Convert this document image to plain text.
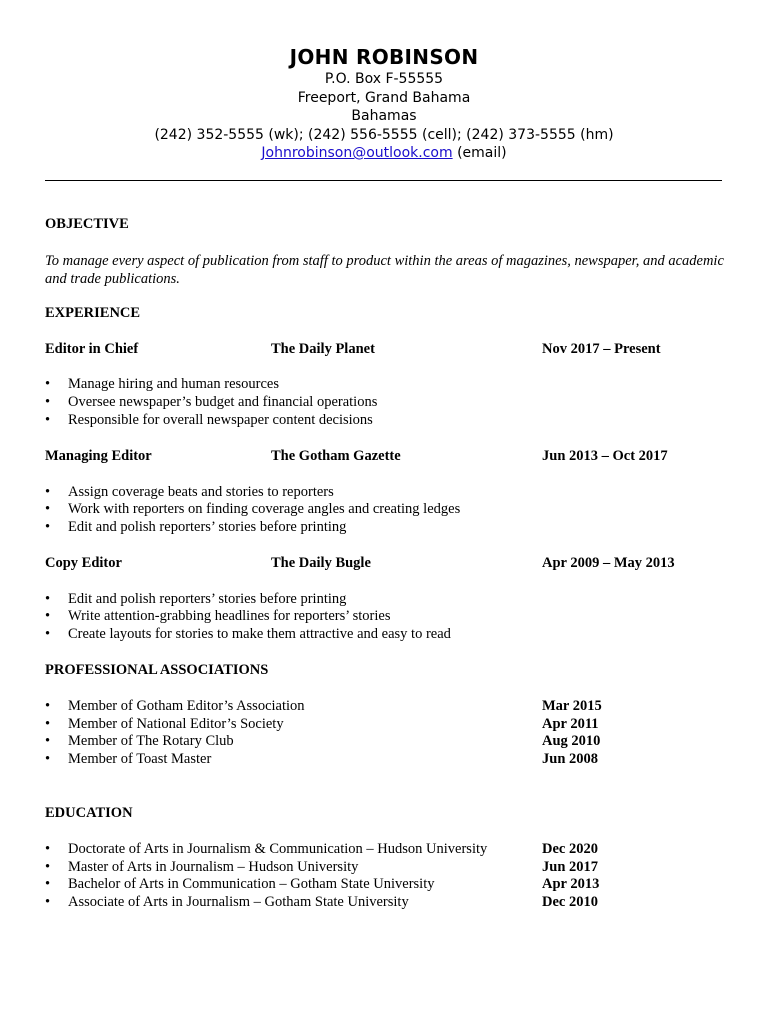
JOHN ROBINSON
P.O. Box F-55555
Freeport, Grand Bahama
Bahamas
(242) 352-5555 (wk); (242) 556-5555 (cell); (242) 373-5555 (hm)
Johnrobinson@outlook.com (email)
OBJECTIVE
To manage every aspect of publication from staff to product within the areas of magazines, newspaper, and academic and trade publications.
EXPERIENCE
Editor in Chief	The Daily Planet	Nov 2017 – Present
• Manage hiring and human resources
• Oversee newspaper’s budget and financial operations
• Responsible for overall newspaper content decisions
Managing Editor	The Gotham Gazette	Jun 2013 – Oct 2017
• Assign coverage beats and stories to reporters
• Work with reporters on finding coverage angles and creating ledges
• Edit and polish reporters’ stories before printing
Copy Editor	The Daily Bugle	Apr 2009 – May 2013
• Edit and polish reporters’ stories before printing
• Write attention-grabbing headlines for reporters’ stories
• Create layouts for stories to make them attractive and easy to read
PROFESSIONAL ASSOCIATIONS
• Member of Gotham Editor’s Association	Mar 2015
• Member of National Editor’s Society	Apr 2011
• Member of The Rotary Club	Aug 2010
• Member of Toast Master	Jun 2008
EDUCATION
• Doctorate of Arts in Journalism & Communication – Hudson University	Dec 2020
• Master of Arts in Journalism – Hudson University	Jun 2017
• Bachelor of Arts in Communication – Gotham State University	Apr 2013
• Associate of Arts in Journalism – Gotham State University	Dec 2010
